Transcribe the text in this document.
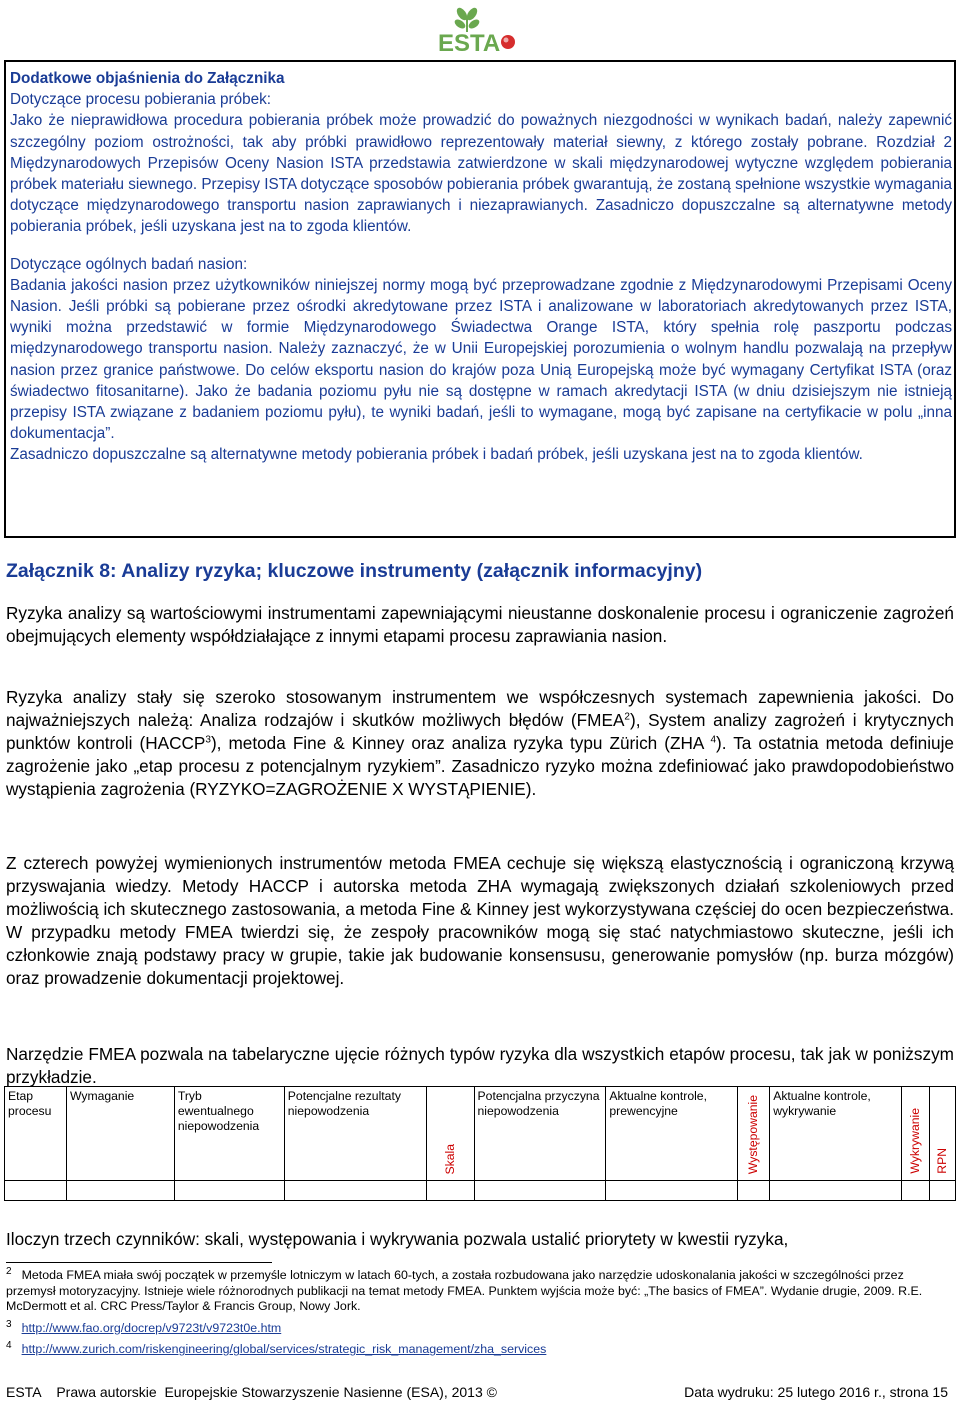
ESTA

Dodatkowe objaśnienia do Załącznika

Dotyczące procesu pobierania próbek:

Jako że nieprawidłowa procedura pobierania próbek może prowadzić do poważnych niezgodności w wynikach badań, należy zapewnić szczególny poziom ostrożności, tak aby próbki prawidłowo reprezentowały materiał siewny, z którego zostały pobrane. Rozdział 2 Międzynarodowych Przepisów Oceny Nasion ISTA przedstawia zatwierdzone w skali międzynarodowej wytyczne względem pobierania próbek materiału siewnego. Przepisy ISTA dotyczące sposobów pobierania próbek gwarantują, że zostaną spełnione wszystkie wymagania dotyczące międzynarodowego transportu nasion zaprawianych i niezaprawianych. Zasadniczo dopuszczalne są alternatywne metody pobierania próbek, jeśli uzyskana jest na to zgoda klientów.

Dotyczące ogólnych badań nasion:

Badania jakości nasion przez użytkowników niniejszej normy mogą być przeprowadzane zgodnie z Międzynarodowymi Przepisami Oceny Nasion. Jeśli próbki są pobierane przez ośrodki akredytowane przez ISTA i analizowane w laboratoriach akredytowanych przez ISTA, wyniki można przedstawić w formie Międzynarodowego Świadectwa Orange ISTA, który spełnia rolę paszportu podczas międzynarodowego transportu nasion. Należy zaznaczyć, że w Unii Europejskiej porozumienia o wolnym handlu pozwalają na przepływ nasion przez granice państwowe. Do celów eksportu nasion do krajów poza Unią Europejską może być wymagany Certyfikat ISTA (oraz świadectwo fitosanitarne). Jako że badania poziomu pyłu nie są dostępne w ramach akredytacji ISTA (w dniu dzisiejszym nie istnieją przepisy ISTA związane z badaniem poziomu pyłu), te wyniki badań, jeśli to wymagane, mogą być zapisane na certyfikacie w polu „inna dokumentacja”.

Zasadniczo dopuszczalne są alternatywne metody pobierania próbek i badań próbek, jeśli uzyskana jest na to zgoda klientów.

Załącznik 8: Analizy ryzyka; kluczowe instrumenty (załącznik informacyjny)
Ryzyka analizy są wartościowymi instrumentami zapewniającymi nieustanne doskonalenie procesu i ograniczenie zagrożeń obejmujących elementy współdziałające z innymi etapami procesu zaprawiania nasion.
Ryzyka analizy stały się szeroko stosowanym instrumentem we współczesnych systemach zapewnienia jakości. Do najważniejszych należą: Analiza rodzajów i skutków możliwych błędów (FMEA$^2$), System analizy zagrożeń i krytycznych punktów kontroli (HACCP$^3$), metoda Fine & Kinney oraz analiza ryzyka typu Zürich (ZHA $^4$). Ta ostatnia metoda definiuje zagrożenie jako „etap procesu z potencjalnym ryzykiem”. Zasadniczo ryzyko można zdefiniować jako prawdopodobieństwo wystąpienia zagrożenia (RYZYKO=ZAGROŻENIE X WYSTĄPIENIE).
Z czterech powyżej wymienionych instrumentów metoda FMEA cechuje się większą elastycznością i ograniczoną krzywą przyswajania wiedzy. Metody HACCP i autorska metoda ZHA wymagają zwiększonych działań szkoleniowych przed możliwością ich skutecznego zastosowania, a metoda Fine & Kinney jest wykorzystywana częściej do ocen bezpieczeństwa. W przypadku metody FMEA twierdzi się, że zespoły pracowników mogą się stać natychmiastowo skuteczne, jeśli ich członkowie znają podstawy pracy w grupie, takie jak budowanie konsensusu, generowanie pomysłów (np. burza mózgów) oraz prowadzenie dokumentacji projektowej.
Narzędzie FMEA pozwala na tabelaryczne ujęcie różnych typów ryzyka dla wszystkich etapów procesu, tak jak w poniższym przykładzie.
Etap procesu	Wymaganie	Tryb ewentualnego niepowodzenia	Potencjalne rezultaty niepowodzenia	Skala	Potencjalna przyczyna niepowodzenia	Aktualne kontrole, prewencyjne	Występowanie	Aktualne kontrole, wykrywanie	Wykrywanie	RPN

Iloczyn trzech czynników: skali, występowania i wykrywania pozwala ustalić priorytety w kwestii ryzyka,
$^2$ Metoda FMEA miała swój początek w przemyśle lotniczym w latach 60-tych, a została rozbudowana jako narzędzie udoskonalania jakości w szczególności przez przemysł motoryzacyjny. Istnieje wiele różnorodnych publikacji na temat metody FMEA. Punktem wyjścia może być: „The basics of FMEA”. Wydanie drugie, 2009. R.E. McDermott et al. CRC Press/Taylor & Francis Group, Nowy Jork.
$^3$ http://www.fao.org/docrep/v9723t/v9723t0e.htm
$^4$ http://www.zurich.com/riskengineering/global/services/strategic_risk_management/zha_services
ESTA    Prawa autorskie  Europejskie Stowarzyszenie Nasienne (ESA), 2013 ©	Data wydruku: 25 lutego 2016 r., strona 15
